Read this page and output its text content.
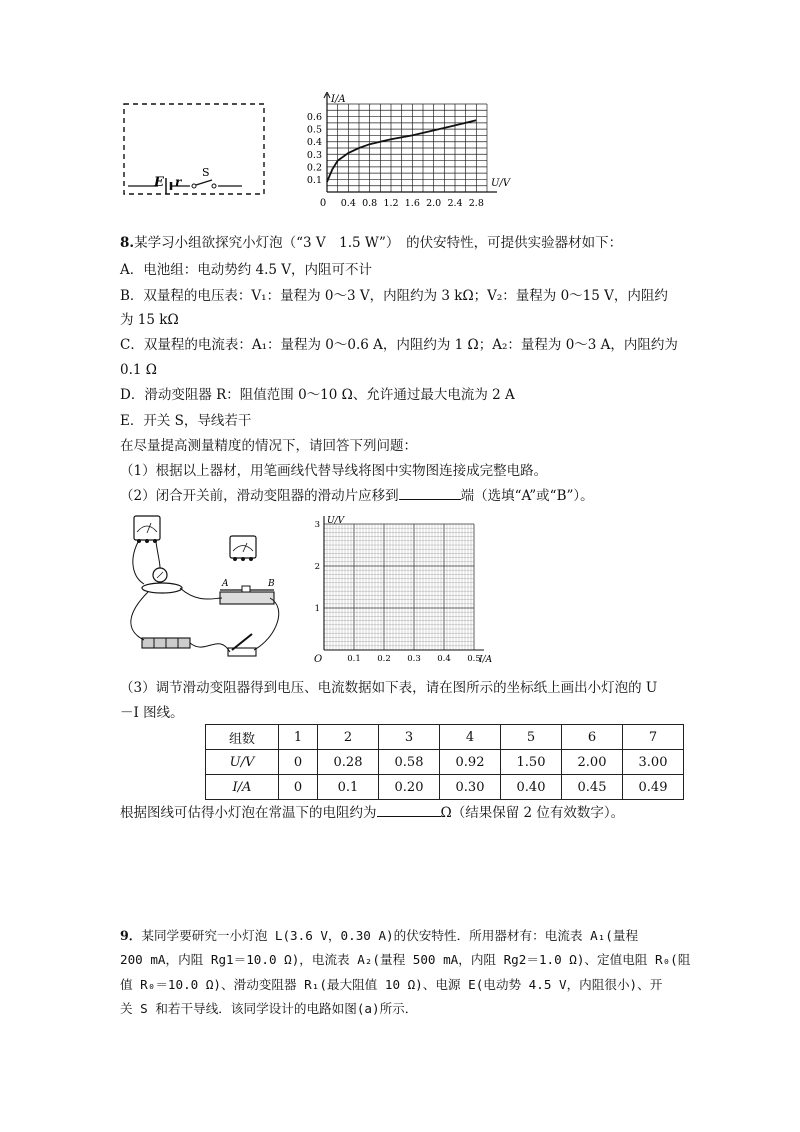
E r
S
0.4 0.8 1.2 1.6 2.0 2.4 2.8
0.1
0.2
0.3
0.4
0.5
0.6
I/A
U/V
0
8.某学习小组欲探究小灯泡（“3 V　1.5 W”）　的伏安特性，可提供实验器材如下：
A．电池组：电动势约 4.5 V，内阻可不计
B．双量程的电压表：V₁：量程为 0～3 V，内阻约为 3 kΩ；V₂：量程为 0～15 V，内阻约
为 15 kΩ
C．双量程的电流表：A₁：量程为 0～0.6 A，内阻约为 1 Ω；A₂：量程为 0～3 A，内阻约为
0.1 Ω
D．滑动变阻器 R：阻值范围 0～10 Ω、允许通过最大电流为 2 A
E．开关 S，导线若干
在尽量提高测量精度的情况下，请回答下列问题：
（1）根据以上器材，用笔画线代替导线将图中实物图连接成完整电路。
（2）闭合开关前，滑动变阻器的滑动片应移到	端（选填“A”或“B”）。
A	B
0.1 0.2 0.3 0.4 0.5
1
2
3 U/V
I/A
O
（3）调节滑动变阻器得到电压、电流数据如下表，请在图所示的坐标纸上画出小灯泡的 U
－I 图线。
组数	1	2	3	4	5	6	7
U/V	0	0.28	0.58	0.92	1.50	2.00	3.00
I/A	0	0.1	0.20	0.30	0.40	0.45	0.49
根据图线可估得小灯泡在常温下的电阻约为	Ω（结果保留 2 位有效数字）。
9．某同学要研究一小灯泡 L(3.6 V，0.30 A)的伏安特性．所用器材有：电流表 A₁(量程
200 mA，内阻 Rg1＝10.0 Ω)，电流表 A₂(量程 500 mA，内阻 Rg2＝1.0 Ω)、定值电阻 R₀(阻
值 R₀＝10.0 Ω)、滑动变阻器 R₁(最大阻值 10 Ω)、电源 E(电动势 4.5 V，内阻很小)、开
关 S 和若干导线．该同学设计的电路如图(a)所示．
